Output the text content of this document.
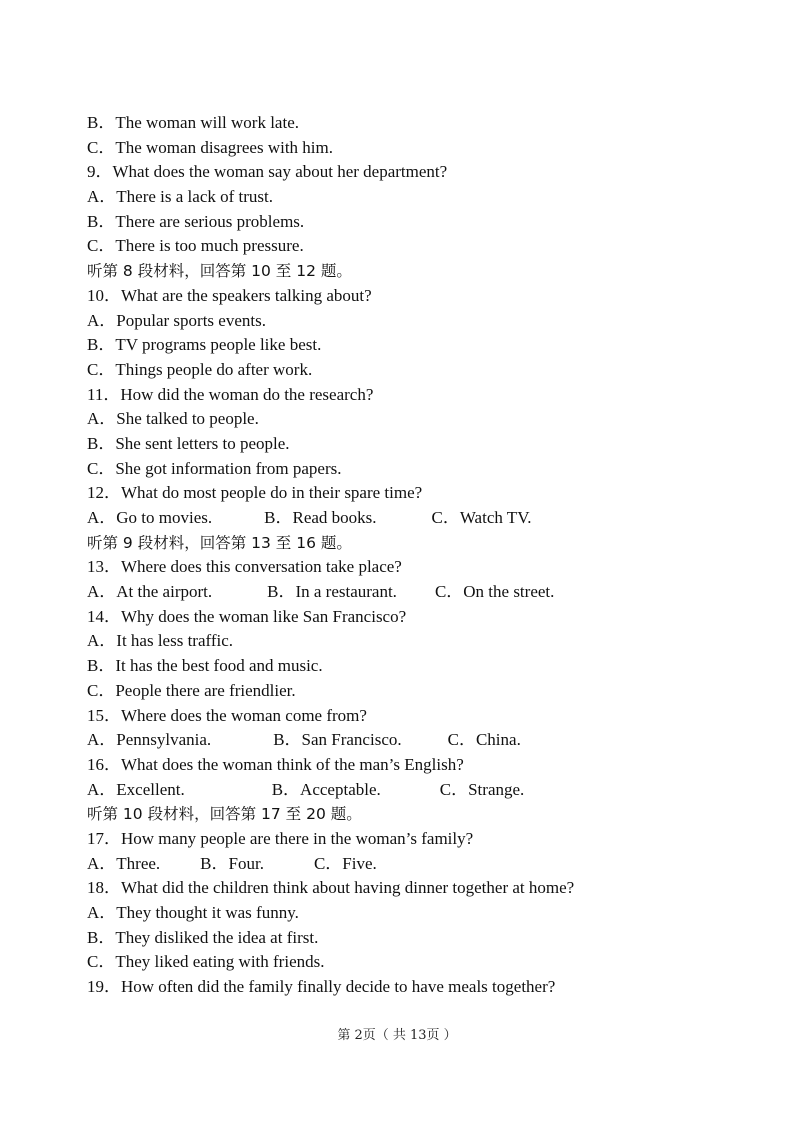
B．The woman will work late.
C．The woman disagrees with him.
9．What does the woman say about her department?
A．There is a lack of trust.
B．There are serious problems.
C．There is too much pressure.
听第 8 段材料，回答第 10 至 12 题。
10．What are the speakers talking about?
A．Popular sports events.
B．TV programs people like best.
C．Things people do after work.
11．How did the woman do the research?
A．She talked to people.
B．She sent letters to people.
C．She got information from papers.
12．What do most people do in their spare time?
A．Go to movies.	B．Read books.	C．Watch TV.
听第 9 段材料，回答第 13 至 16 题。
13．Where does this conversation take place?
A．At the airport.	B．In a restaurant. C．On the street.
14．Why does the woman like San Francisco?
A．It has less traffic.
B．It has the best food and music.
C．People there are friendlier.
15．Where does the woman come from?
A．Pennsylvania.	B．San Francisco.	C．China.
16．What does the woman think of the man’s English?
A．Excellent.	B．Acceptable.	C．Strange.
听第 10 段材料，回答第 17 至 20 题。
17．How many people are there in the woman’s family?
A．Three. B．Four.	C．Five.
18．What did the children think about having dinner together at home?
A．They thought it was funny.
B．They disliked the idea at first.
C．They liked eating with friends.
19．How often did the family finally decide to have meals together?
第 2页（ 共 13页 ）
